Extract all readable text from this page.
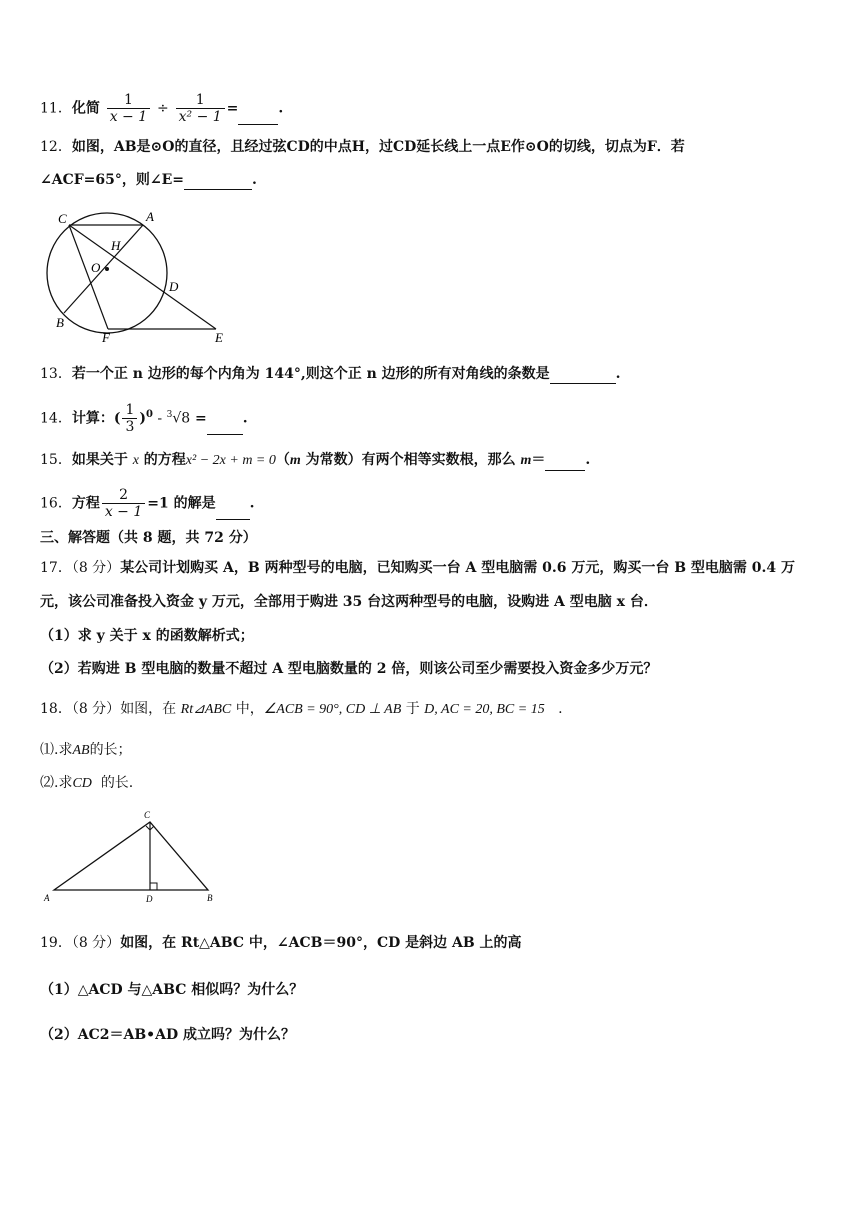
11．化简 $\frac{1}{x - 1} \div \frac{1}{\text{x² − 1}}$ =	.
12．如图，AB是⊙O的直径，且经过弦CD的中点H，过CD延长线上一点E作⊙O的切线，切点为F．若
∠ACF=65°，则∠E=	.
C	A
H
O
D
B
F	E
13．若一个正 n 边形的每个内角为 144°,则这个正 n 边形的所有对角线的条数是	.
14．计算：( $\frac{1}{3} )^0 - ^3√8$ =	.
15．如果关于 x 的方程x² − 2x + m = 0（m 为常数）有两个相等实数根，那么 m＝	.
16．方程 $\frac{2}{x - 1} =1$ 的解是 .
三、解答题（共 8 题，共 72 分）
17．（8 分）某公司计划购买 A，B 两种型号的电脑，已知购买一台 A 型电脑需 0.6 万元，购买一台 B 型电脑需 0.4 万
元，该公司准备投入资金 y 万元，全部用于购进 35 台这两种型号的电脑，设购进 A 型电脑 x 台．
（1）求 y 关于 x 的函数解析式；
（2）若购进 B 型电脑的数量不超过 A 型电脑数量的 2 倍，则该公司至少需要投入资金多少万元？
18．（8 分）如图，在 Rt⊿ABC 中，∠ACB = 90°, CD ⊥ AB 于 D, AC = 20, BC = 15 .
⑴.求AB的长；
⑵.求CD 的长.
C
A	D	B
19．（8 分）如图，在 Rt△ABC 中，∠ACB＝90°，CD 是斜边 AB 上的高
（1）△ACD 与△ABC 相似吗？为什么？
（2）AC2＝AB•AD 成立吗？为什么？
